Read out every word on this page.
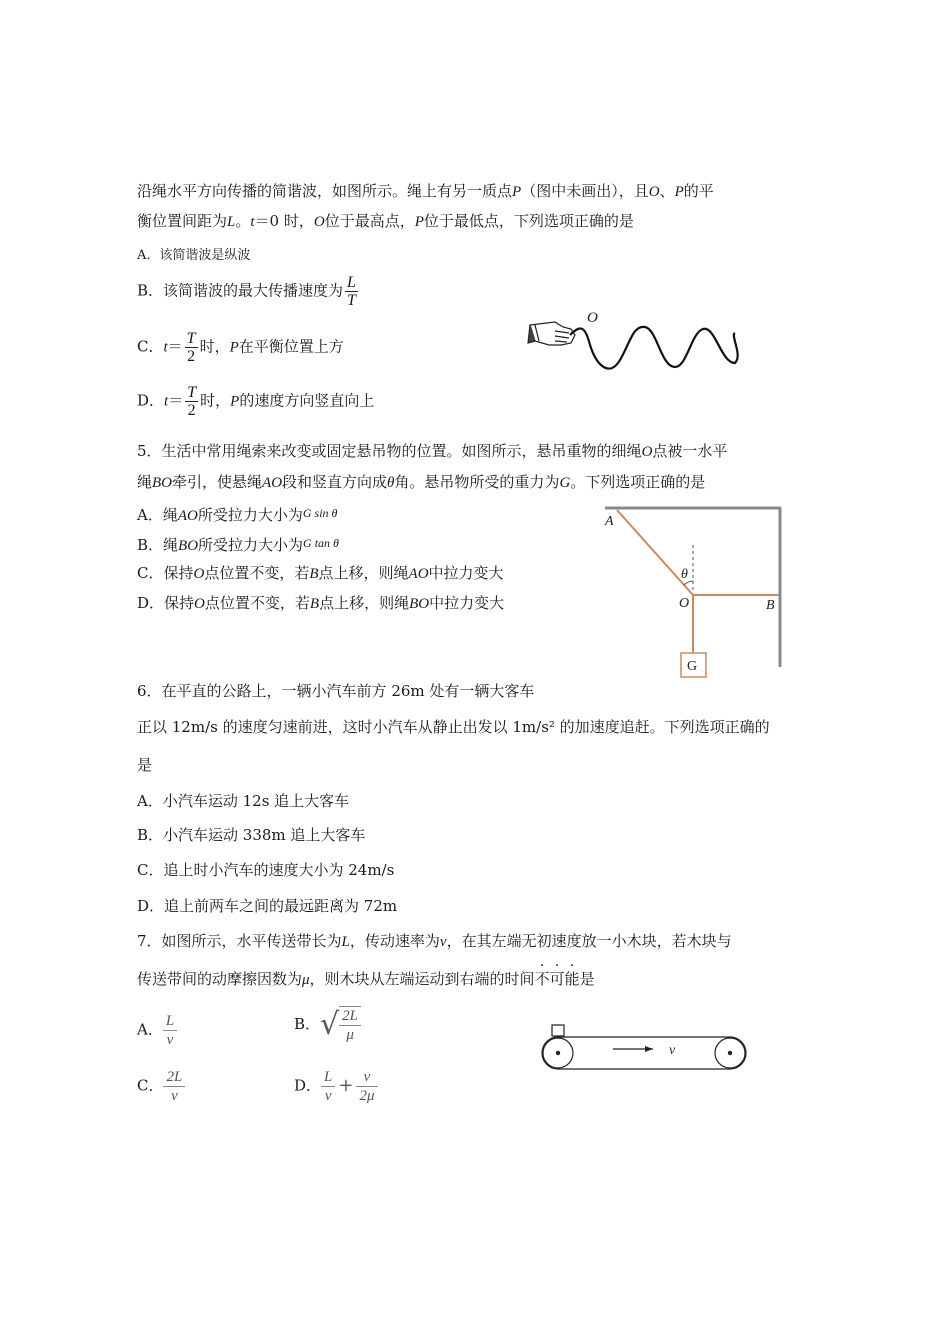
沿绳水平方向传播的简谐波，如图所示。绳上有另一质点P（图中未画出），且O、P的平
衡位置间距为L。t＝0 时，O位于最高点，P位于最低点，下列选项正确的是
A．该简谐波是纵波
B．该简谐波的最大传播速度为 $\frac{L}{T}$
C．$t= \frac{T}{2}$ 时，P在平衡位置上方
D．$t= \frac{T}{2}$ 时，P的速度方向竖直向上
O
5．生活中常用绳索来改变或固定悬吊物的位置。如图所示，悬吊重物的细绳O点被一水平
绳BO牵引，使悬绳AO段和竖直方向成θ角。悬吊物所受的重力为G。下列选项正确的是
A．绳AO所受拉力大小为$^{G sin \theta}$
B．绳BO所受拉力大小为$^{G tan \theta}$
C．保持O点位置不变，若B点上移，则绳AO中拉力变大
D．保持O点位置不变，若B点上移，则绳BO中拉力变大
A
θ
O	B
G
6．在平直的公路上，一辆小汽车前方 26m 处有一辆大客车
正以 12m/s 的速度匀速前进，这时小汽车从静止出发以 1m/s² 的加速度追赶。下列选项正确的
是
A．小汽车运动 12s 追上大客车
B．小汽车运动 338m 追上大客车
C．追上时小汽车的速度大小为 24m/s
D．追上前两车之间的最远距离为 72m
7．如图所示，水平传送带长为L，传动速率为v，在其左端无初速度放一小木块，若木块与
传送带间的动摩擦因数为μ，则木块从左端运动到右端的时间不可能是
A． $\frac{L}{v}$	B．√ $\frac{2L}{\mu}$
C． $\frac{2L}{v}$	D． $\frac{L}{v} + \frac{v}{2\mu}$
v
